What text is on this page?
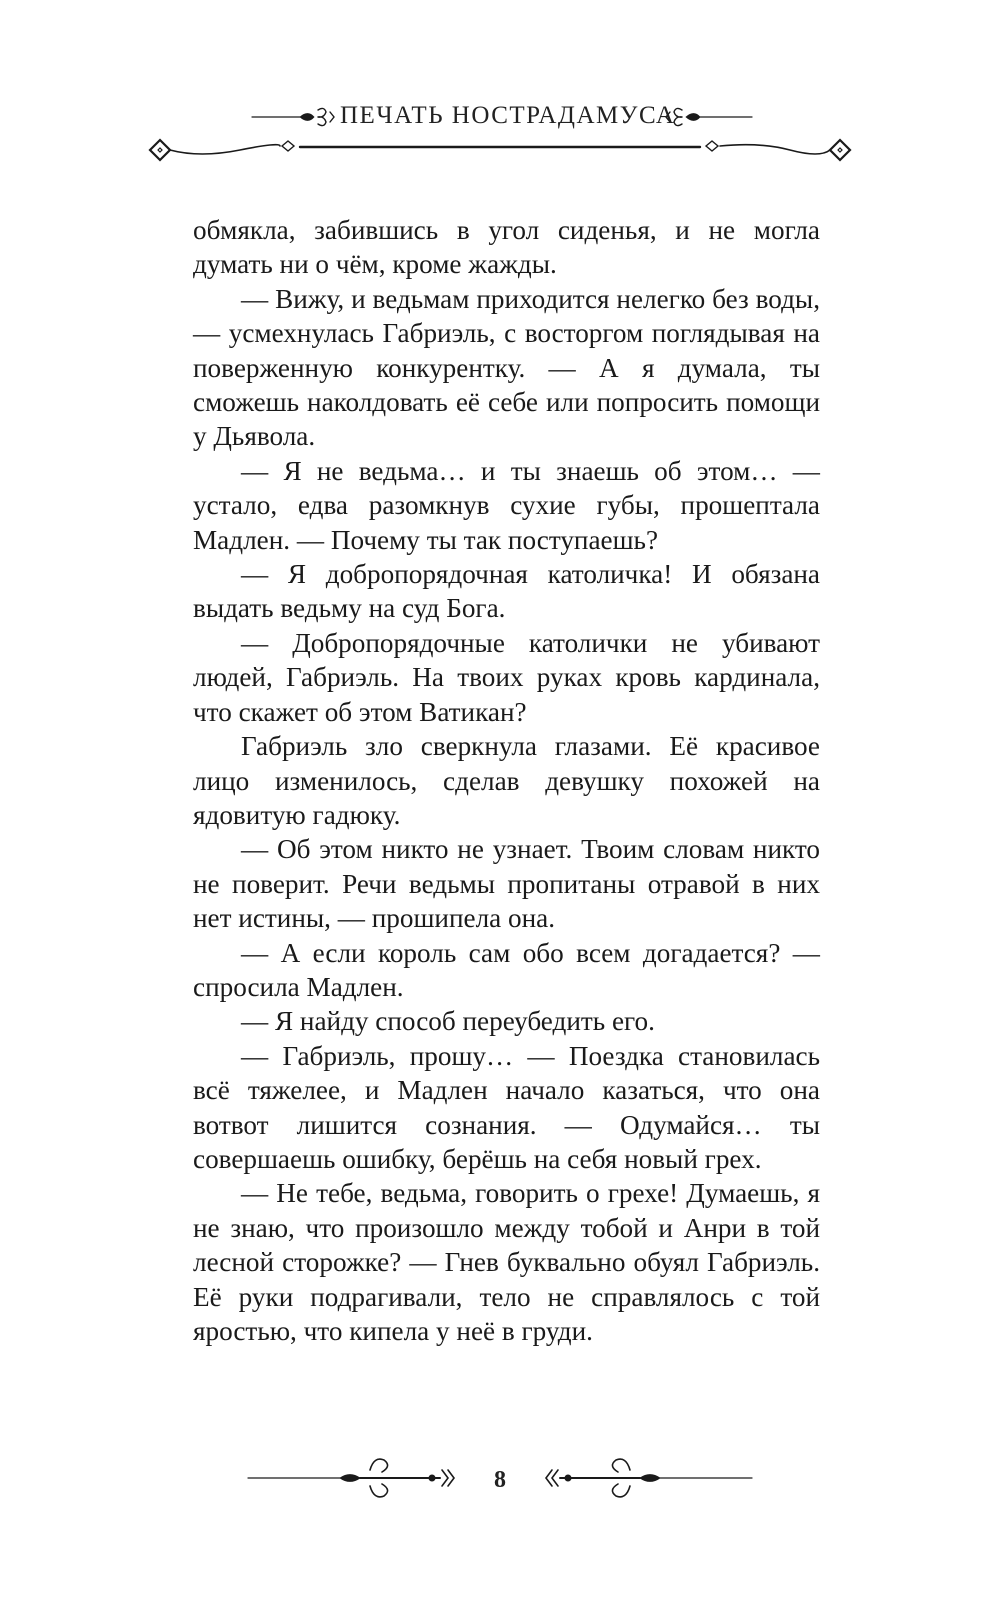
ПЕЧАТЬ НОСТРАДАМУСА

обмякла, забившись в угол сиденья, и не могла думать ни о чём, кроме жажды.

— Вижу, и ведьмам приходится нелегко без воды, — усмехнулась Габриэль, с восторгом поглядывая на поверженную конкурентку. — А я думала, ты сможешь наколдовать её себе или попросить помощи у Дьявола.

— Я не ведьма… и ты знаешь об этом… — устало, едва разомкнув сухие губы, прошептала Мадлен. — Почему ты так поступаешь?

— Я добропорядочная католичка! И обязана выдать ведьму на суд Бога.

— Добропорядочные католички не убивают людей, Габриэль. На твоих руках кровь кардинала, что скажет об этом Ватикан?

Габриэль зло сверкнула глазами. Её красивое лицо изменилось, сделав девушку похожей на ядовитую гадюку.

— Об этом никто не узнает. Твоим словам никто не поверит. Речи ведьмы пропитаны отравой в них нет истины, — прошипела она.

— А если король сам обо всем догадается? — спросила Мадлен.

— Я найду способ переубедить его.

— Габриэль, прошу… — Поездка становилась всё тяжелее, и Мадлен начало казаться, что она вотвот лишится сознания. — Одумайся… ты совершаешь ошибку, берёшь на себя новый грех.

— Не тебе, ведьма, говорить о грехе! Думаешь, я не знаю, что произошло между тобой и Анри в той лесной сторожке? — Гнев буквально обуял Габриэль. Её руки подрагивали, тело не справлялось с той яростью, что кипела у неё в груди.

8
